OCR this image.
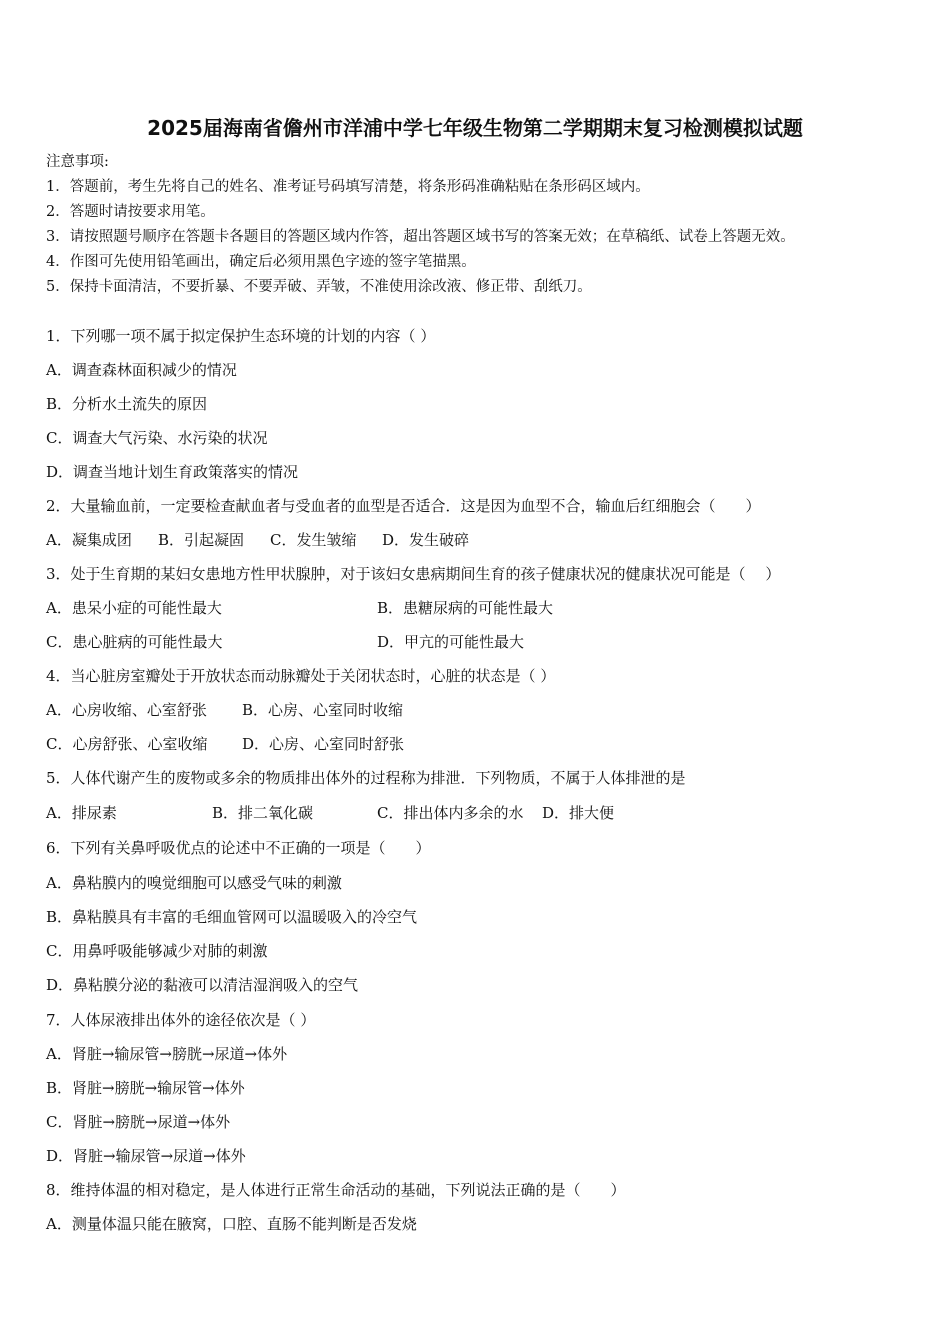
2025届海南省儋州市洋浦中学七年级生物第二学期期末复习检测模拟试题
注意事项:
1．答题前，考生先将自己的姓名、准考证号码填写清楚，将条形码准确粘贴在条形码区域内。
2．答题时请按要求用笔。
3．请按照题号顺序在答题卡各题目的答题区域内作答，超出答题区域书写的答案无效；在草稿纸、试卷上答题无效。
4．作图可先使用铅笔画出，确定后必须用黑色字迹的签字笔描黑。
5．保持卡面清洁，不要折暴、不要弄破、弄皱，不准使用涂改液、修正带、刮纸刀。
1．下列哪一项不属于拟定保护生态环境的计划的内容（ ）
A．调查森林面积减少的情况
B．分析水土流失的原因
C．调查大气污染、水污染的状况
D．调查当地计划生育政策落实的情况
2．大量输血前，一定要检查献血者与受血者的血型是否适合．这是因为血型不合，输血后红细胞会（　　）
A．凝集成团 B．引起凝固 C．发生皱缩 D．发生破碎
3．处于生育期的某妇女患地方性甲状腺肿，对于该妇女患病期间生育的孩子健康状况的健康状况可能是（　 ）
A．患呆小症的可能性最大	B．患糖尿病的可能性最大
C．患心脏病的可能性最大	D．甲亢的可能性最大
4．当心脏房室瓣处于开放状态而动脉瓣处于关闭状态时，心脏的状态是（ ）
A．心房收缩、心室舒张 B．心房、心室同时收缩
C．心房舒张、心室收缩 D．心房、心室同时舒张
5．人体代谢产生的废物或多余的物质排出体外的过程称为排泄．下列物质，不属于人体排泄的是
A．排尿素	B．排二氧化碳	C．排出体内多余的水 D．排大便
6．下列有关鼻呼吸优点的论述中不正确的一项是（　　）
A．鼻粘膜内的嗅觉细胞可以感受气味的刺激
B．鼻粘膜具有丰富的毛细血管网可以温暖吸入的冷空气
C．用鼻呼吸能够减少对肺的刺激
D．鼻粘膜分泌的黏液可以清洁湿润吸入的空气
7．人体尿液排出体外的途径依次是（ ）
A．肾脏→输尿管→膀胱→尿道→体外
B．肾脏→膀胱→输尿管→体外
C．肾脏→膀胱→尿道→体外
D．肾脏→输尿管→尿道→体外
8．维持体温的相对稳定，是人体进行正常生命活动的基础，下列说法正确的是（　　）
A．测量体温只能在腋窝，口腔、直肠不能判断是否发烧
